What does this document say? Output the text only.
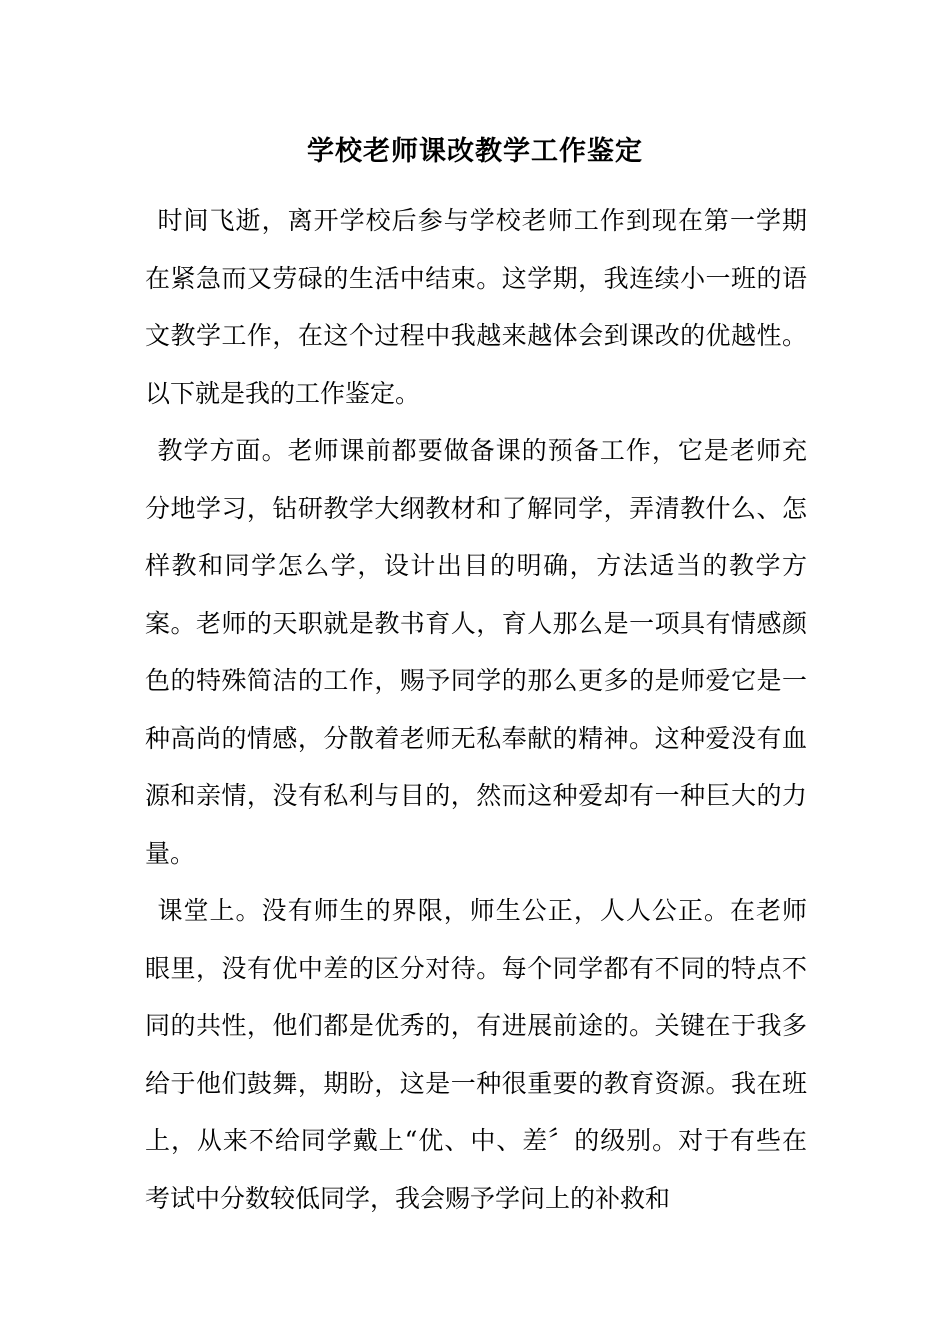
学校老师课改教学工作鉴定

时间飞逝，离开学校后参与学校老师工作到现在第一学期在紧急而又劳碌的生活中结束。这学期，我连续小一班的语文教学工作，在这个过程中我越来越体会到课改的优越性。以下就是我的工作鉴定。

教学方面。老师课前都要做备课的预备工作，它是老师充分地学习，钻研教学大纲教材和了解同学，弄清教什么、怎样教和同学怎么学，设计出目的明确，方法适当的教学方案。老师的天职就是教书育人，育人那么是一项具有情感颜色的特殊简洁的工作，赐予同学的那么更多的是师爱它是一种高尚的情感，分散着老师无私奉献的精神。这种爱没有血源和亲情，没有私利与目的，然而这种爱却有一种巨大的力量。

课堂上。没有师生的界限，师生公正，人人公正。在老师眼里，没有优中差的区分对待。每个同学都有不同的特点不同的共性，他们都是优秀的，有进展前途的。关键在于我多给于他们鼓舞，期盼，这是一种很重要的教育资源。我在班上，从来不给同学戴上“优、中、差〞的级别。对于有些在考试中分数较低同学，我会赐予学问上的补救和
